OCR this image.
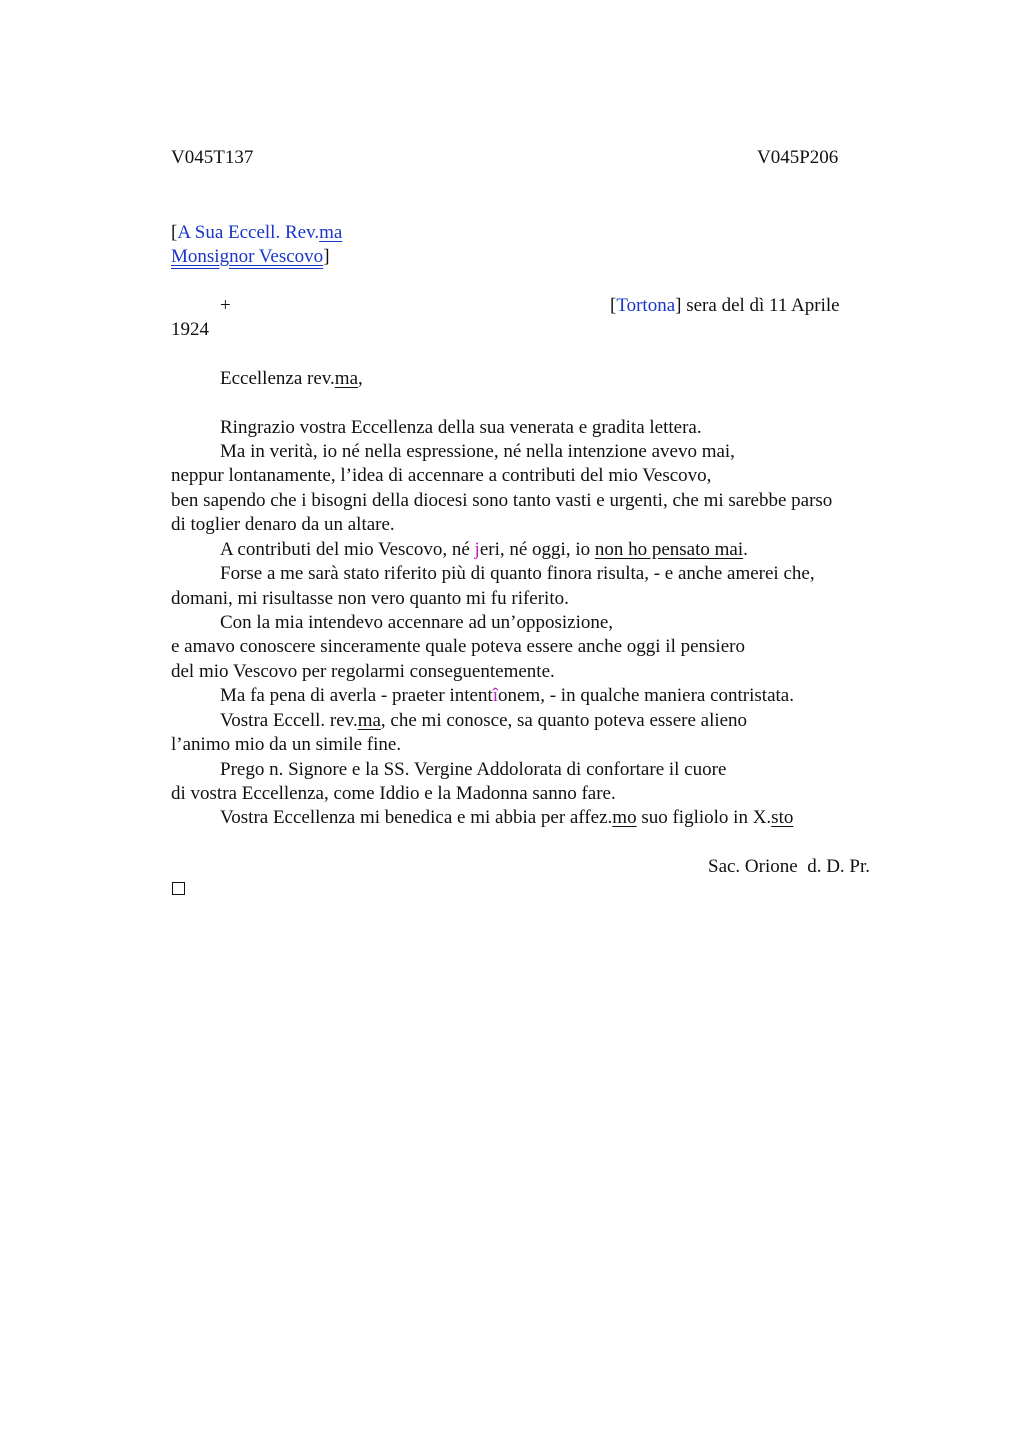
V045T137	V045P206
[A Sua Eccell. Rev.ma
Monsignor Vescovo]
+	[Tortona] sera del dì 11 Aprile
1924
Eccellenza rev.ma,
Ringrazio vostra Eccellenza della sua venerata e gradita lettera.
Ma in verità, io né nella espressione, né nella intenzione avevo mai,
neppur lontanamente, l’idea di accennare a contributi del mio Vescovo,
ben sapendo che i bisogni della diocesi sono tanto vasti e urgenti, che mi sarebbe parso
di toglier denaro da un altare.
A contributi del mio Vescovo, né jeri, né oggi, io non ho pensato mai.
Forse a me sarà stato riferito più di quanto finora risulta, - e anche amerei che,
domani, mi risultasse non vero quanto mi fu riferito.
Con la mia intendevo accennare ad un’opposizione,
e amavo conoscere sinceramente quale poteva essere anche oggi il pensiero
del mio Vescovo per regolarmi conseguentemente.
Ma fa pena di averla - praeter intentîonem, - in qualche maniera contristata.
Vostra Eccell. rev.ma, che mi conosce, sa quanto poteva essere alieno
l’animo mio da un simile fine.
Prego n. Signore e la SS. Vergine Addolorata di confortare il cuore
di vostra Eccellenza, come Iddio e la Madonna sanno fare.
Vostra Eccellenza mi benedica e mi abbia per affez.mo suo figliolo in X.sto
Sac. Orione  d. D. Pr.
